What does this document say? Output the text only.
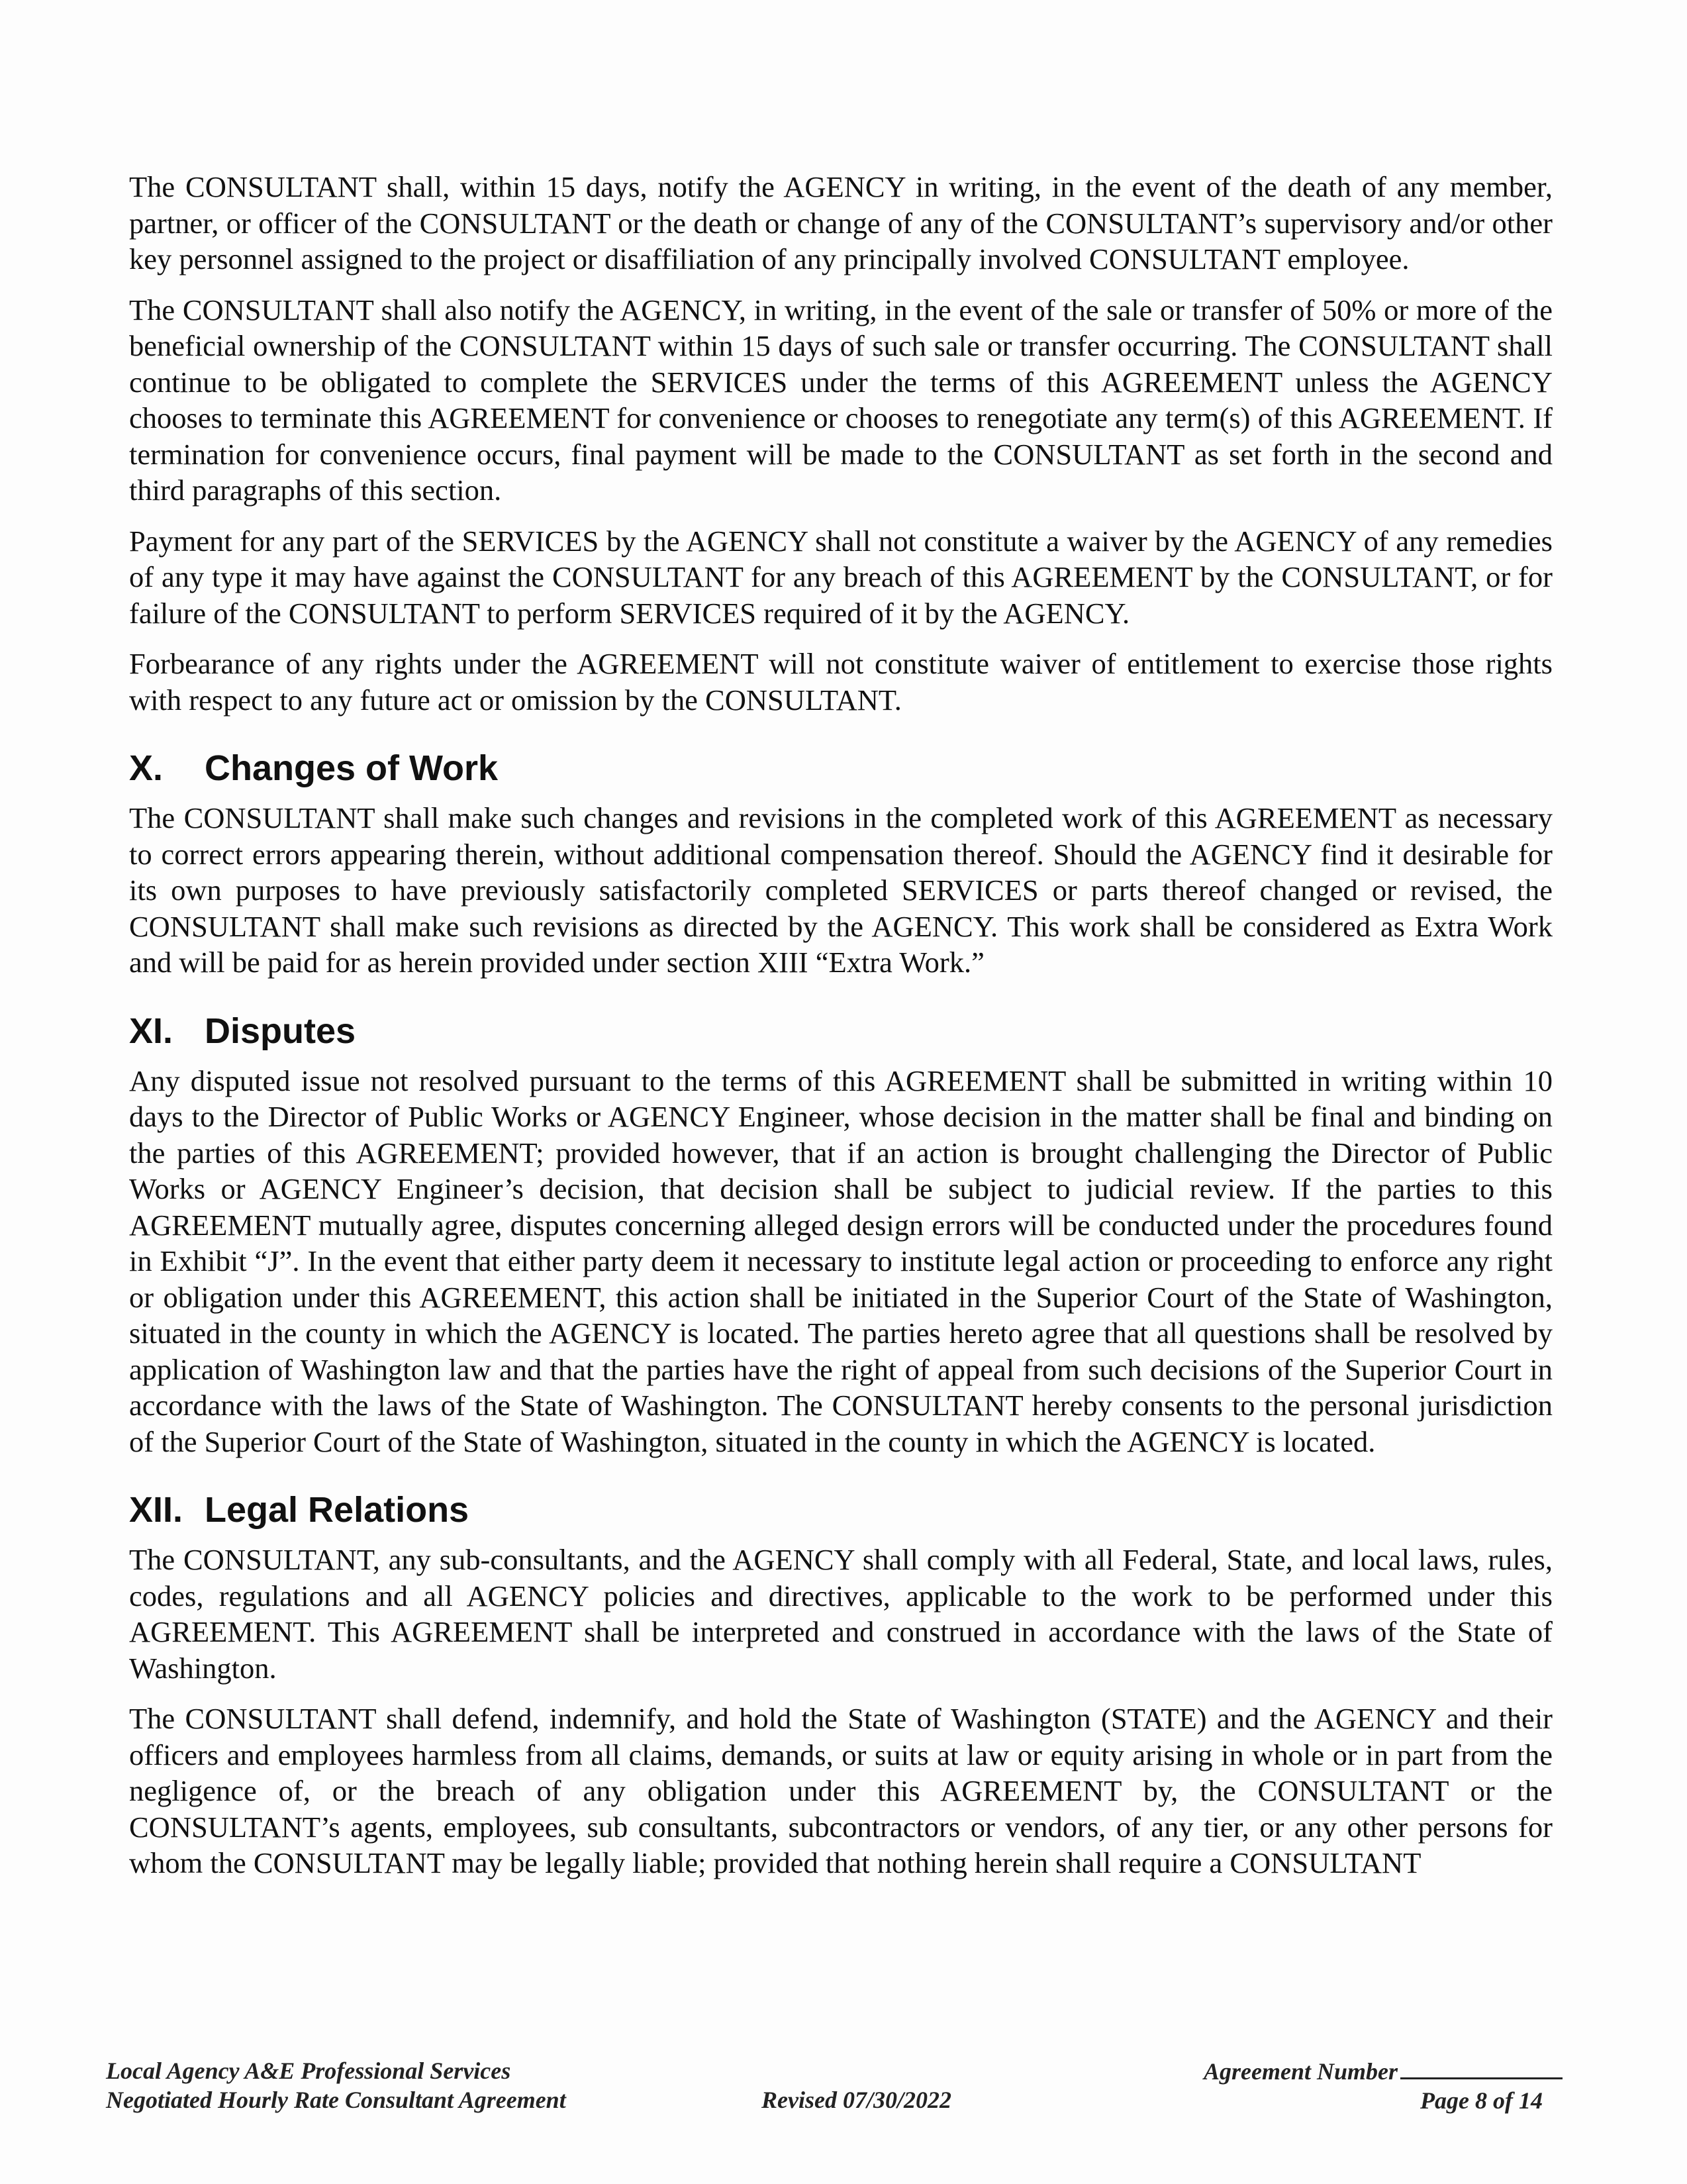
The CONSULTANT shall, within 15 days, notify the AGENCY in writing, in the event of the death of any member, partner, or officer of the CONSULTANT or the death or change of any of the CONSULTANT’s supervisory and/or other key personnel assigned to the project or disaffiliation of any principally involved CONSULTANT employee.

The CONSULTANT shall also notify the AGENCY, in writing, in the event of the sale or transfer of 50% or more of the beneficial ownership of the CONSULTANT within 15 days of such sale or transfer occurring. The CONSULTANT shall continue to be obligated to complete the SERVICES under the terms of this AGREEMENT unless the AGENCY chooses to terminate this AGREEMENT for convenience or chooses to renegotiate any term(s) of this AGREEMENT. If termination for convenience occurs, final payment will be made to the CONSULTANT as set forth in the second and third paragraphs of this section.

Payment for any part of the SERVICES by the AGENCY shall not constitute a waiver by the AGENCY of any remedies of any type it may have against the CONSULTANT for any breach of this AGREEMENT by the CONSULTANT, or for failure of the CONSULTANT to perform SERVICES required of it by the AGENCY.

Forbearance of any rights under the AGREEMENT will not constitute waiver of entitlement to exercise those rights with respect to any future act or omission by the CONSULTANT.

X.	Changes of Work

The CONSULTANT shall make such changes and revisions in the completed work of this AGREEMENT as necessary to correct errors appearing therein, without additional compensation thereof. Should the AGENCY find it desirable for its own purposes to have previously satisfactorily completed SERVICES or parts thereof changed or revised, the CONSULTANT shall make such revisions as directed by the AGENCY. This work shall be considered as Extra Work and will be paid for as herein provided under section XIII “Extra Work.”

XI. Disputes

Any disputed issue not resolved pursuant to the terms of this AGREEMENT shall be submitted in writing within 10 days to the Director of Public Works or AGENCY Engineer, whose decision in the matter shall be final and binding on the parties of this AGREEMENT; provided however, that if an action is brought challenging the Director of Public Works or AGENCY Engineer’s decision, that decision shall be subject to judicial review. If the parties to this AGREEMENT mutually agree, disputes concerning alleged design errors will be conducted under the procedures found in Exhibit “J”. In the event that either party deem it necessary to institute legal action or proceeding to enforce any right or obligation under this AGREEMENT, this action shall be initiated in the Superior Court of the State of Washington, situated in the county in which the AGENCY is located. The parties hereto agree that all questions shall be resolved by application of Washington law and that the parties have the right of appeal from such decisions of the Superior Court in accordance with the laws of the State of Washington. The CONSULTANT hereby consents to the personal jurisdiction of the Superior Court of the State of Washington, situated in the county in which the AGENCY is located.

XII. Legal Relations

The CONSULTANT, any sub-consultants, and the AGENCY shall comply with all Federal, State, and local laws, rules, codes, regulations and all AGENCY policies and directives, applicable to the work to be performed under this AGREEMENT. This AGREEMENT shall be interpreted and construed in accordance with the laws of the State of Washington.

The CONSULTANT shall defend, indemnify, and hold the State of Washington (STATE) and the AGENCY and their officers and employees harmless from all claims, demands, or suits at law or equity arising in whole or in part from the negligence of, or the breach of any obligation under this AGREEMENT by, the CONSULTANT or the CONSULTANT’s agents, employees, sub consultants, subcontractors or vendors, of any tier, or any other persons for whom the CONSULTANT may be legally liable; provided that nothing herein shall require a CONSULTANT

Local Agency A&E Professional Services
Negotiated Hourly Rate Consultant Agreement	Revised 07/30/2022
Agreement Number
Page 8 of 14
